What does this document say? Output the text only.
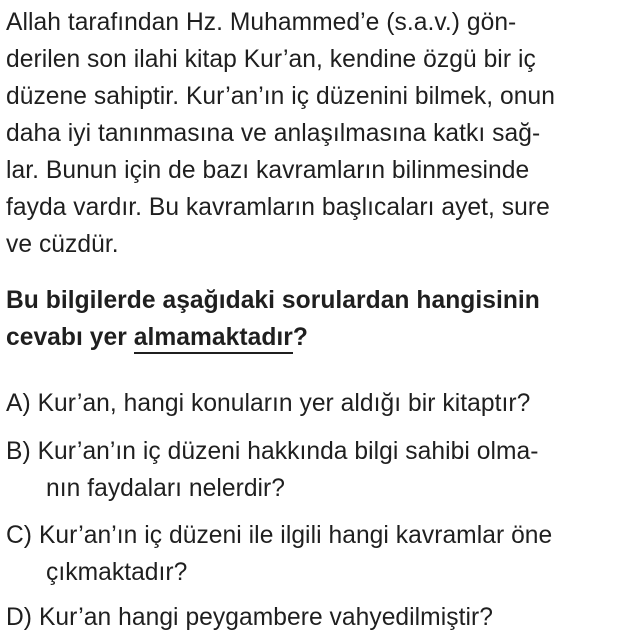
Allah tarafından Hz. Muhammed’e (s.a.v.) gön-
derilen son ilahi kitap Kur’an, kendine özgü bir iç
düzene sahiptir. Kur’an’ın iç düzenini bilmek, onun
daha iyi tanınmasına ve anlaşılmasına katkı sağ-
lar. Bunun için de bazı kavramların bilinmesinde
fayda vardır. Bu kavramların başlıcaları ayet, sure
ve cüzdür.
Bu bilgilerde aşağıdaki sorulardan hangisinin
cevabı yer almamaktadır?
A) Kur’an, hangi konuların yer aldığı bir kitaptır?
B) Kur’an’ın iç düzeni hakkında bilgi sahibi olma-
nın faydaları nelerdir?
C) Kur’an’ın iç düzeni ile ilgili hangi kavramlar öne
çıkmaktadır?
D) Kur’an hangi peygambere vahyedilmiştir?
